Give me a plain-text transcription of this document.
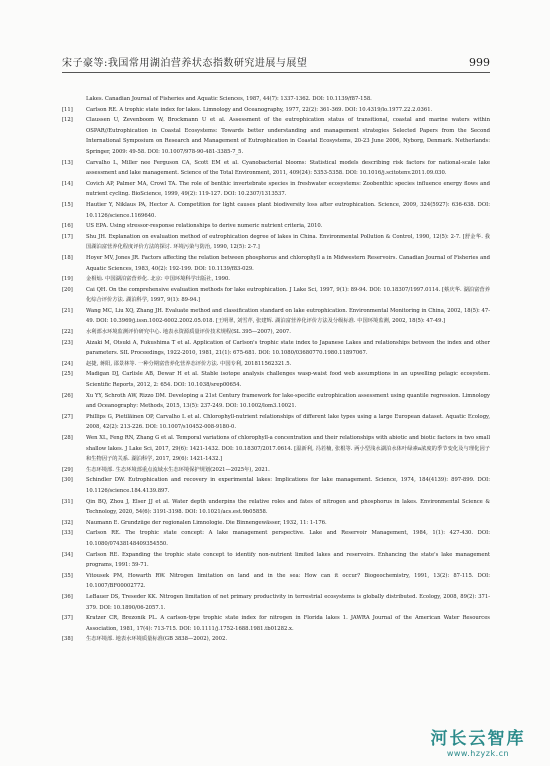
宋子豪等:我国常用湖泊营养状态指数研究进展与展望	999
Lakes. Canadian Journal of Fisheries and Aquatic Sciences, 1987, 44(7): 1337-1362. DOI: 10.1139/f87-158.
[11]	Carlson RE. A trophic state index for lakes. Limnology and Oceanography, 1977, 22(2): 361-369. DOI: 10.4319/lo.1977.22.2.0361.
[12]	Claussen U, Zevenboom W, Brockmann U et al. Assessment of the eutrophication status of transitional, coastal and marine waters within OSPAR//Eutrophication in Coastal Ecosystems: Towards better understanding and management strategies Selected Papers from the Second International Symposium on Research and Management of Eutrophication in Coastal Ecosystems, 20-23 June 2006, Nyborg, Denmark. Netherlands: Springer, 2009: 49-58. DOI: 10.1007/978-90-481-3385-7_5.
[13]	Carvalho L, Miller nee Ferguson CA, Scott EM et al. Cyanobacterial blooms: Statistical models describing risk factors for national-scale lake assessment and lake management. Science of the Total Environment, 2011, 409(24): 5353-5358. DOI: 10.1016/j.scitotenv.2011.09.030.
[14]	Covich AP, Palmer MA, Crowl TA. The role of benthic invertebrate species in freshwater ecosystems: Zoobenthic species influence energy flows and nutrient cycling. BioScience, 1999, 49(2): 119-127. DOI: 10.2307/1313537.
[15]	Hautier Y, Niklaus PA, Hector A. Competition for light causes plant biodiversity loss after eutrophication. Science, 2009, 324(5927): 636-638. DOI: 10.1126/science.1169640.
[16]	US EPA. Using stressor-response relationships to derive numeric nutrient criteria, 2010.
[17]	Shu JH. Explanation on evaluation method of eutrophication degree of lakes in China. Environmental Pollution & Control, 1990, 12(5): 2-7. [舒金华. 我国湖泊富营养化程度评价方法的探讨. 环境污染与防治, 1990, 12(5): 2-7.]
[18]	Hoyer MV, Jones JR. Factors affecting the relation between phosphorus and chlorophyll a in Midwestern Reservoirs. Canadian Journal of Fisheries and Aquatic Sciences, 1983, 40(2): 192-199. DOI: 10.1139/f83-029.
[19]	金相灿. 中国湖泊富营养化. 北京: 中国环境科学出版社, 1990.
[20]	Cai QH. On the comprehensive evaluation methods for lake eutrophication. J Lake Sci, 1997, 9(1): 89-94. DOI: 10.18307/1997.0114. [蔡庆华. 湖泊富营养化综合评价方法. 湖泊科学, 1997, 9(1): 89-94.]
[21]	Wang MC, Liu XQ, Zhang JH. Evaluate method and classification standard on lake eutrophication. Environmental Monitoring in China, 2002, 18(5): 47-49. DOI: 10.3969/j.issn.1002-6002.2002.05.018. [王明翠, 刘雪芹, 张建辉. 湖泊富营养化评价方法及分级标准. 中国环境监测, 2002, 18(5): 47-49.]
[22]	水利部水环境监测评价研究中心. 地表水资源质量评价技术规程(SL 395—2007), 2007.
[23]	Aizaki M, Otsuki A, Fukushima T et al. Application of Carlson's trophic state index to Japanese Lakes and relationships between the index and other parameters. SIL Proceedings, 1922-2010, 1981, 21(1): 675-681. DOI: 10.1080/03680770.1980.11897067.
[24]	赵捷, 蒋阳, 邵景林等. 一种分期富营养化营养态评价方法. 中国专利, 201811562321.5.
[25]	Madigan DJ, Carlisle AB, Dewar H et al. Stable isotope analysis challenges wasp-waist food web assumptions in an upwelling pelagic ecosystem. Scientific Reports, 2012, 2: 654. DOI: 10.1038/srep00654.
[26]	Xu YY, Schroth AW, Rizzo DM. Developing a 21st Century framework for lake-specific eutrophication assessment using quantile regression. Limnology and Oceanography: Methods, 2015, 13(5): 237-249. DOI: 10.1002/lom3.10021.
[27]	Phillips G, Pietiläinen OP, Carvalho L et al. Chlorophyll-nutrient relationships of different lake types using a large European dataset. Aquatic Ecology, 2008, 42(2): 213-226. DOI: 10.1007/s10452-008-9180-0.
[28]	Wen XL, Feng RN, Zhang G et al. Temporal variations of chlorophyll-a concentration and their relationships with abiotic and biotic factors in two small shallow lakes. J Lake Sci, 2017, 29(6): 1421-1432. DOI: 10.18307/2017.0614. [温新利, 冯若楠, 张根等. 两小型浅水湖泊水体叶绿素a浓度的季节变化及与理化因子和生物因子的关系. 湖泊科学, 2017, 29(6): 1421-1432.]
[29]	生态环境部. 生态环境部重点流域水生态环境保护规划(2021—2025年), 2021.
[30]	Schindler DW. Eutrophication and recovery in experimental lakes: Implications for lake management. Science, 1974, 184(4139): 897-899. DOI: 10.1126/science.184.4139.897.
[31]	Qin BQ, Zhou J, Elser JJ et al. Water depth underpins the relative roles and fates of nitrogen and phosphorus in lakes. Environmental Science & Technology, 2020, 54(6): 3191-3198. DOI: 10.1021/acs.est.9b05858.
[32]	Naumann E. Grundzüge der regionalen Limnologie. Die Binnengewässer, 1932, 11: 1-176.
[33]	Carlson RE. The trophic state concept: A lake management perspective. Lake and Reservoir Management, 1984, 1(1): 427-430. DOI: 10.1080/07438148409354550.
[34]	Carlson RE. Expanding the trophic state concept to identify non-nutrient limited lakes and reservoirs. Enhancing the state's lake management programs, 1991: 59-71.
[35]	Vitousek PM, Howarth RW. Nitrogen limitation on land and in the sea: How can it occur? Biogeochemistry, 1991, 13(2): 87-115. DOI: 10.1007/BF00002772.
[36]	LeBauer DS, Treseder KK. Nitrogen limitation of net primary productivity in terrestrial ecosystems is globally distributed. Ecology, 2008, 89(2): 371-379. DOI: 10.1890/06-2057.1.
[37]	Kratzer CR, Brezonik PL. A carlson-type trophic state index for nitrogen in Florida lakes 1. JAWRA Journal of the American Water Resources Association, 1981, 17(4): 713-715. DOI: 10.1111/j.1752-1688.1981.tb01282.x.
[38]	生态环境部. 地表水环境质量标准(GB 3838—2002), 2002.
河长云智库
www.hzyzk.cn
